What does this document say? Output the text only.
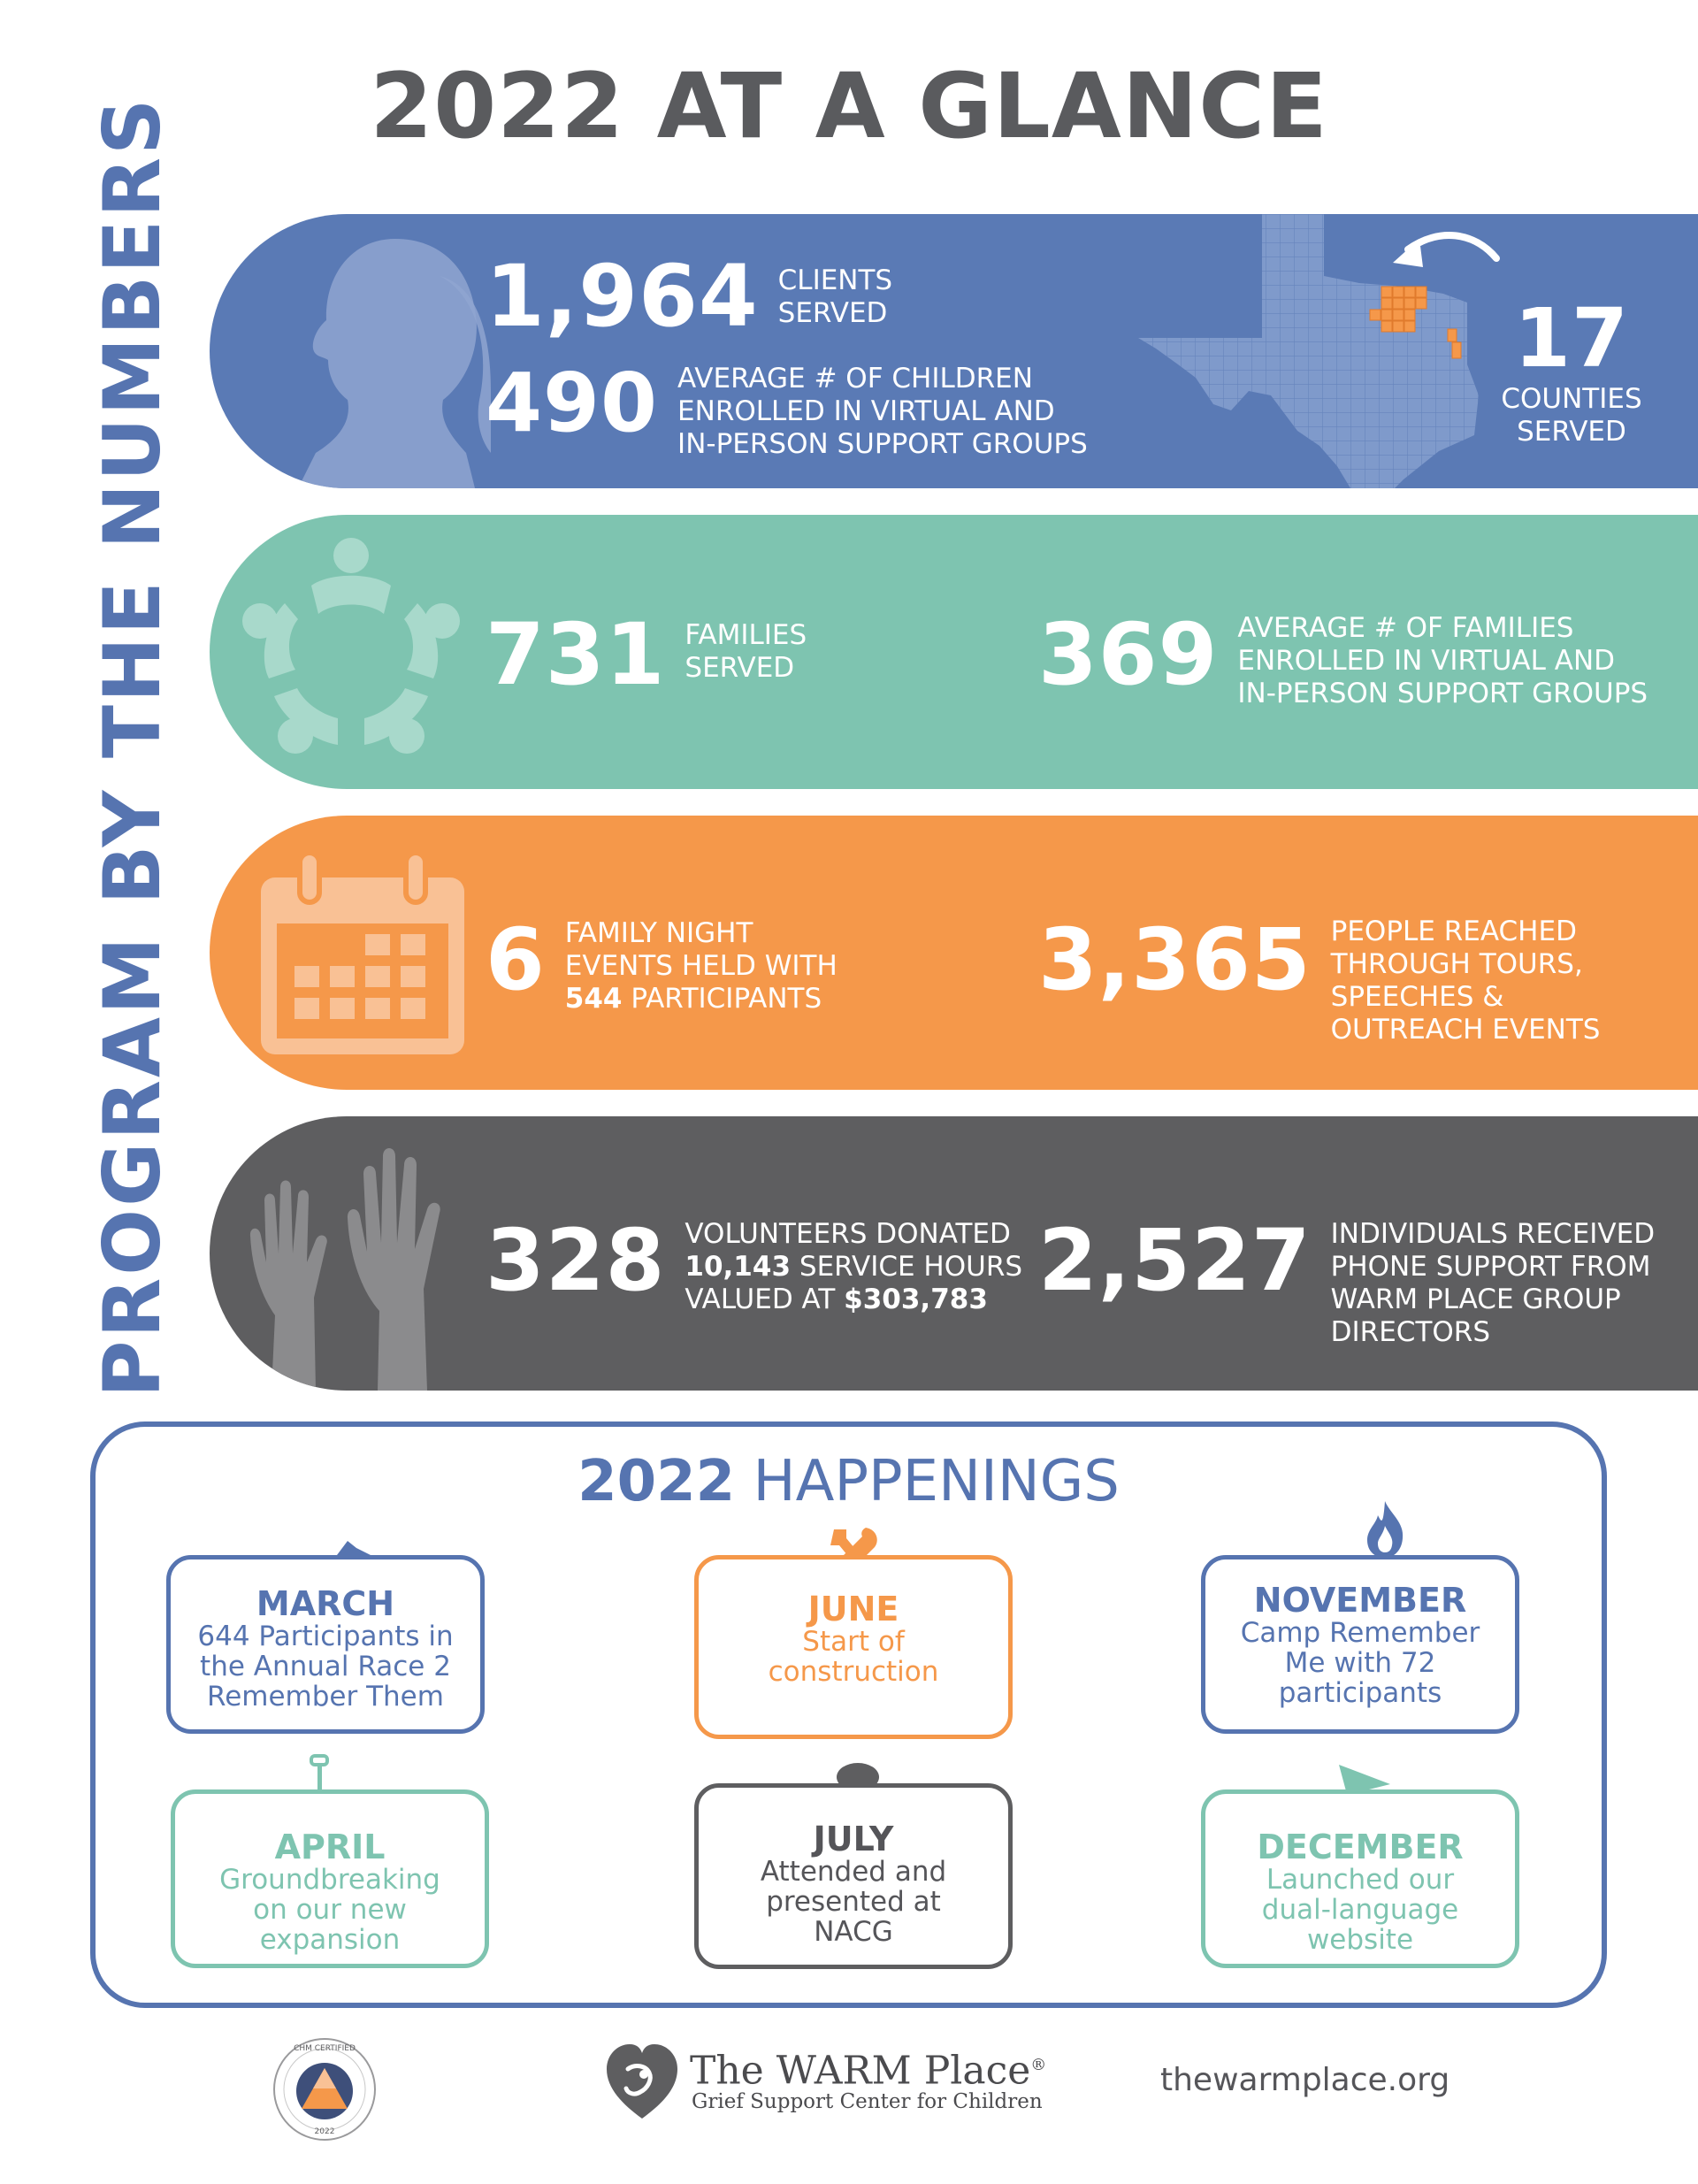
2022 AT A GLANCE
PROGRAM BY THE NUMBERS	1,964 CLIENTS
SERVED
490 AVERAGE # OF CHILDREN
ENROLLED IN VIRTUAL AND
IN-PERSON SUPPORT GROUPS
17
COUNTIES
SERVED
731 FAMILIES
SERVED	369 AVERAGE # OF FAMILIES
ENROLLED IN VIRTUAL AND
IN-PERSON SUPPORT GROUPS
6 FAMILY NIGHT
EVENTS HELD WITH
544 PARTICIPANTS	3,365 PEOPLE REACHED
THROUGH TOURS,
SPEECHES &
OUTREACH EVENTS
328 VOLUNTEERS DONATED
10,143 SERVICE HOURS
VALUED AT $303,783 2,527 INDIVIDUALS RECEIVED
PHONE SUPPORT FROM
WARM PLACE GROUP
DIRECTORS
2022 HAPPENINGS
MARCH
644 Participants in
the Annual Race 2
Remember Them
JUNE
Start of
construction
NOVEMBER
Camp Remember
Me with 72
participants
APRIL
Groundbreaking
on our new
expansion
JULY
Attended and
presented at
NACG
DECEMBER
Launched our
dual-language
website
CHM CERTIFIED
2022
The WARM Place®
Grief Support Center for Children
thewarmplace.org
